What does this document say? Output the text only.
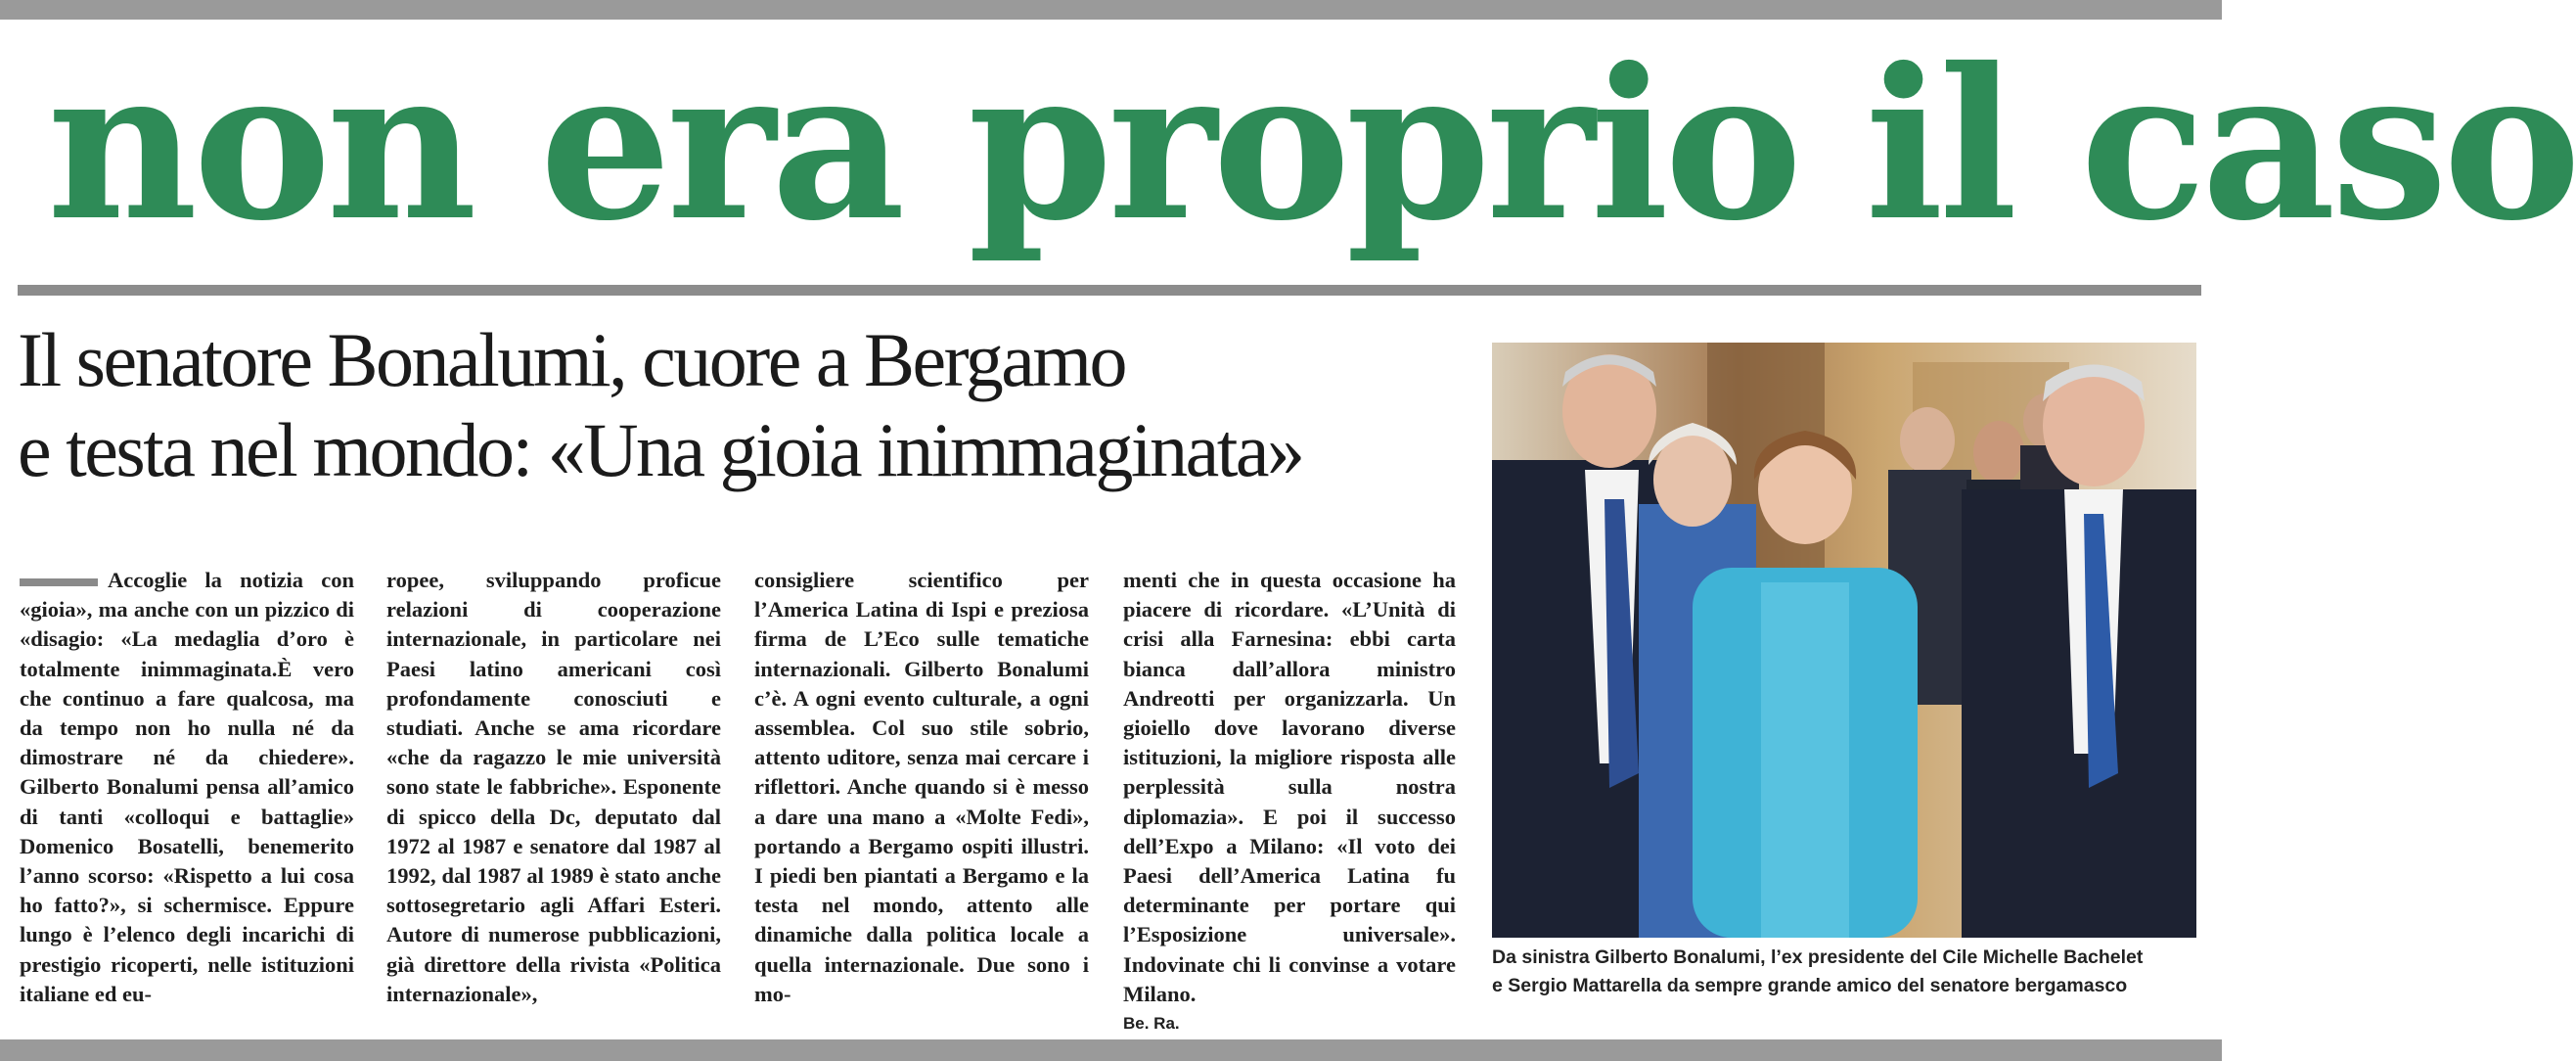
non era proprio il caso
Il senatore Bonalumi, cuore a Bergamo
e testa nel mondo: «Una gioia inimmaginata»
Accoglie la notizia con «gioia», ma anche con un pizzico di «disagio: «La medaglia d’oro è totalmente inimmaginata.È vero che continuo a fare qualcosa, ma da tempo non ho nulla né da dimostrare né da chiedere». Gilberto Bonalumi pensa all’amico di tanti «colloqui e battaglie» Domenico Bosatelli, benemerito l’anno scorso: «Rispetto a lui cosa ho fatto?», si schermisce. Eppure lungo è l’elenco degli incarichi di prestigio ricoperti, nelle istituzioni italiane ed eu-
ropee, sviluppando proficue relazioni di cooperazione internazionale, in particolare nei Paesi latino americani così profondamente conosciuti e studiati. Anche se ama ricordare «che da ragazzo le mie università sono state le fabbriche». Esponente di spicco della Dc, deputato dal 1972 al 1987 e senatore dal 1987 al 1992, dal 1987 al 1989 è stato anche sottosegretario agli Affari Esteri. Autore di numerose pubblicazioni, già direttore della rivista «Politica internazionale»,
consigliere scientifico per l’America Latina di Ispi e preziosa firma de L’Eco sulle tematiche internazionali. Gilberto Bonalumi c’è. A ogni evento culturale, a ogni assemblea. Col suo stile sobrio, attento uditore, senza mai cercare i riflettori. Anche quando si è messo a dare una mano a «Molte Fedi», portando a Bergamo ospiti illustri. I piedi ben piantati a Bergamo e la testa nel mondo, attento alle dinamiche dalla politica locale a quella internazionale. Due sono i mo-
menti che in questa occasione ha piacere di ricordare. «L’Unità di crisi alla Farnesina: ebbi carta bianca dall’allora ministro Andreotti per organizzarla. Un gioiello dove lavorano diverse istituzioni, la migliore risposta alle perplessità sulla nostra diplomazia». E poi il successo dell’Expo a Milano: «Il voto dei Paesi dell’America Latina fu determinante per portare qui l’Esposizione universale». Indovinate chi li convinse a votare Milano.
Be. Ra.
Da sinistra Gilberto Bonalumi, l’ex presidente del Cile Michelle Bachelet
e Sergio Mattarella da sempre grande amico del senatore bergamasco
